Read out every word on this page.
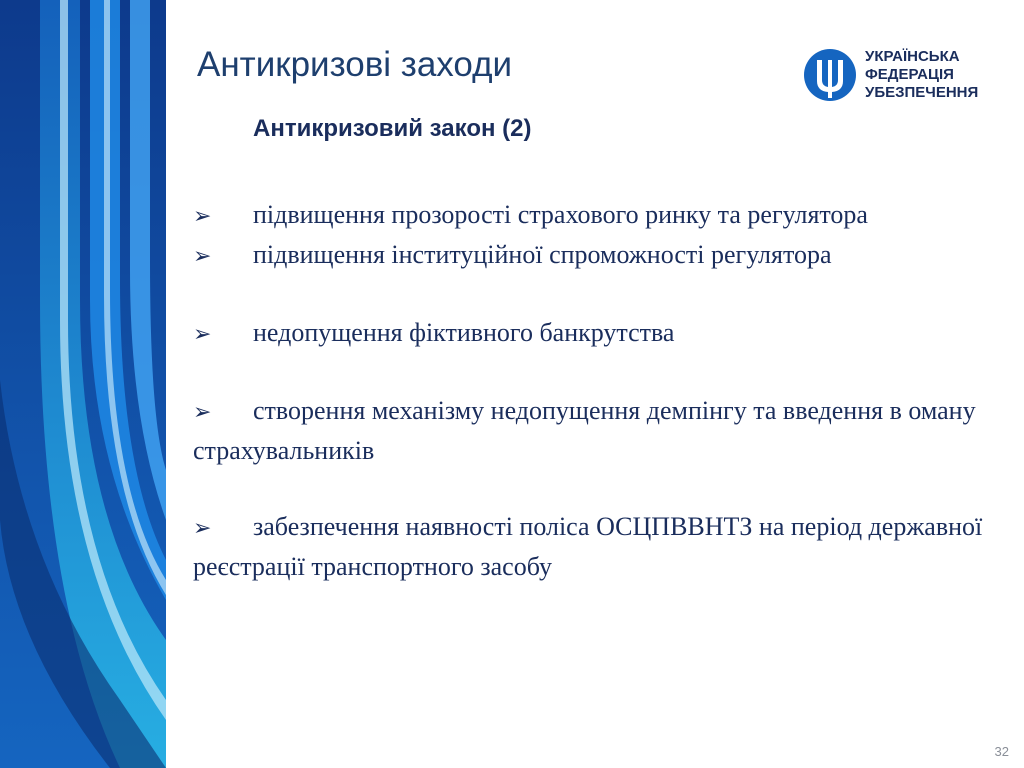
Антикризові заходи	УКРАЇНСЬКА
ФЕДЕРАЦІЯ
УБЕЗПЕЧЕННЯ
Антикризовий закон (2)
➢ підвищення прозорості страхового ринку та регулятора
➢ підвищення інституційної спроможності регулятора
➢ недопущення фіктивного банкрутства
➢ створення механізму недопущення демпінгу та введення в оману страхувальників
➢ забезпечення наявності поліса ОСЦПВВНТЗ на період державної реєстрації транспортного засобу
32
